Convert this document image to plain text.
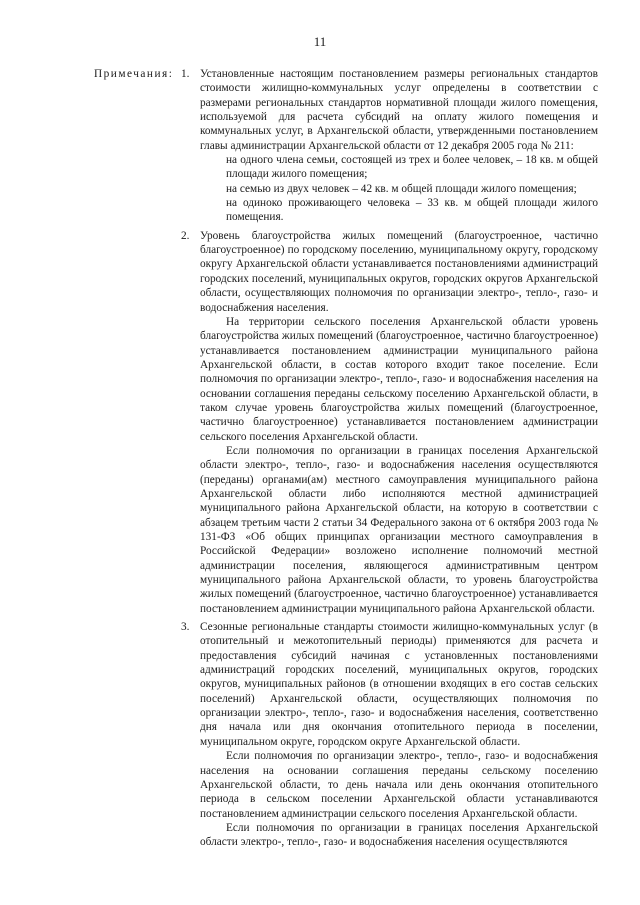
11
Примечания: 1. Установленные настоящим постановлением размеры региональных стандартов стоимости жилищно-коммунальных услуг определены в соответствии с размерами региональных стандартов нормативной площади жилого помещения, используемой для расчета субсидий на оплату жилого помещения и коммунальных услуг, в Архангельской области, утвержденными постановлением главы администрации Архангельской области от 12 декабря 2005 года № 211:

на одного члена семьи, состоящей из трех и более человек, – 18 кв. м общей площади жилого помещения;

на семью из двух человек – 42 кв. м общей площади жилого помещения;

на одиноко проживающего человека – 33 кв. м общей площади жилого помещения.

2. Уровень благоустройства жилых помещений (благоустроенное, частично благоустроенное) по городскому поселению, муниципальному округу, городскому округу Архангельской области устанавливается постановлениями администраций городских поселений, муниципальных округов, городских округов Архангельской области, осуществляющих полномочия по организации электро-, тепло-, газо- и водоснабжения населения.

На территории сельского поселения Архангельской области уровень благоустройства жилых помещений (благоустроенное, частично благоустроенное) устанавливается постановлением администрации муниципального района Архангельской области, в состав которого входит такое поселение. Если полномочия по организации электро-, тепло-, газо- и водоснабжения населения на основании соглашения переданы сельскому поселению Архангельской области, в таком случае уровень благоустройства жилых помещений (благоустроенное, частично благоустроенное) устанавливается постановлением администрации сельского поселения Архангельской области.

Если полномочия по организации в границах поселения Архангельской области электро-, тепло-, газо- и водоснабжения населения осуществляются (переданы) органами(ам) местного самоуправления муниципального района Архангельской области либо исполняются местной администрацией муниципального района Архангельской области, на которую в соответствии с абзацем третьим части 2 статьи 34 Федерального закона от 6 октября 2003 года № 131-ФЗ «Об общих принципах организации местного самоуправления в Российской Федерации» возложено исполнение полномочий местной администрации поселения, являющегося административным центром муниципального района Архангельской области, то уровень благоустройства жилых помещений (благоустроенное, частично благоустроенное) устанавливается постановлением администрации муниципального района Архангельской области.

3. Сезонные региональные стандарты стоимости жилищно-коммунальных услуг (в отопительный и межотопительный периоды) применяются для расчета и предоставления субсидий начиная с установленных постановлениями администраций городских поселений, муниципальных округов, городских округов, муниципальных районов (в отношении входящих в его состав сельских поселений) Архангельской области, осуществляющих полномочия по организации электро-, тепло-, газо- и водоснабжения населения, соответственно дня начала или дня окончания отопительного периода в поселении, муниципальном округе, городском округе Архангельской области.

Если полномочия по организации электро-, тепло-, газо- и водоснабжения населения на основании соглашения переданы сельскому поселению Архангельской области, то день начала или день окончания отопительного периода в сельском поселении Архангельской области устанавливаются постановлением администрации сельского поселения Архангельской области.

Если полномочия по организации в границах поселения Архангельской области электро-, тепло-, газо- и водоснабжения населения осуществляются
